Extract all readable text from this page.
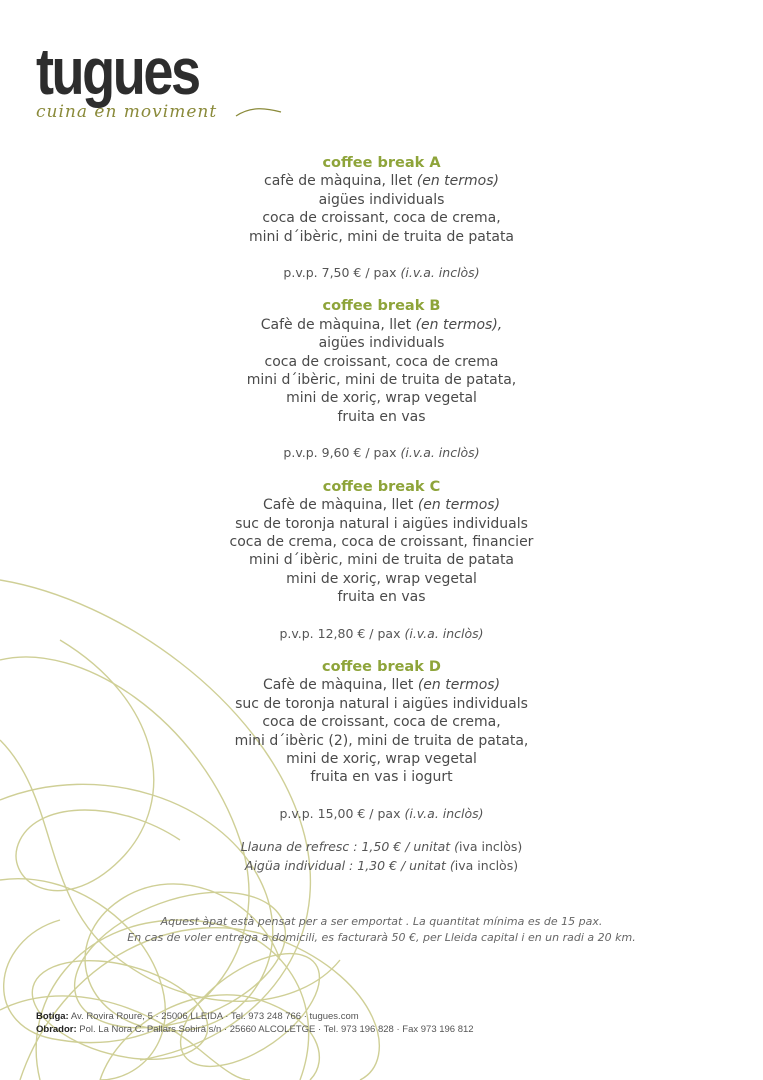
tugues
cuina en moviment
coffee break A
cafè de màquina, llet (en termos)
aigües individuals
coca de croissant, coca de crema,
mini d´ibèric, mini de truita de patata
p.v.p. 7,50 € / pax (i.v.a. inclòs)
coffee break B
Cafè de màquina, llet (en termos),
aigües individuals
coca de croissant, coca de crema
mini d´ibèric, mini de truita de patata,
mini de xoriç, wrap vegetal
fruita en vas
p.v.p. 9,60 € / pax (i.v.a. inclòs)
coffee break C
Cafè de màquina, llet (en termos)
suc de toronja natural i aigües individuals
coca de crema, coca de croissant, financier
mini d´ibèric, mini de truita de patata
mini de xoriç, wrap vegetal
fruita en vas
p.v.p. 12,80 € / pax (i.v.a. inclòs)
coffee break D
Cafè de màquina, llet (en termos)
suc de toronja natural i aigües individuals
coca de croissant, coca de crema,
mini d´ibèric (2), mini de truita de patata,
mini de xoriç, wrap vegetal
fruita en vas i iogurt
p.v.p. 15,00 € / pax (i.v.a. inclòs)
Llauna de refresc : 1,50 € / unitat (iva inclòs)
Aigüa individual : 1,30 € / unitat (iva inclòs)
Aquest àpat està pensat per a ser emportat . La quantitat mínima es de 15 pax.
En cas de voler entrega a domicili, es facturarà 50 €, per Lleida capital i en un radi a 20 km.
Botiga: Av. Rovira Roure, 5 · 25006 LLEIDA · Tel. 973 248 766 · tugues.com
Obrador: Pol. La Nora C. Pallars Sobirà s/n · 25660 ALCOLETGE · Tel. 973 196 828 · Fax 973 196 812
